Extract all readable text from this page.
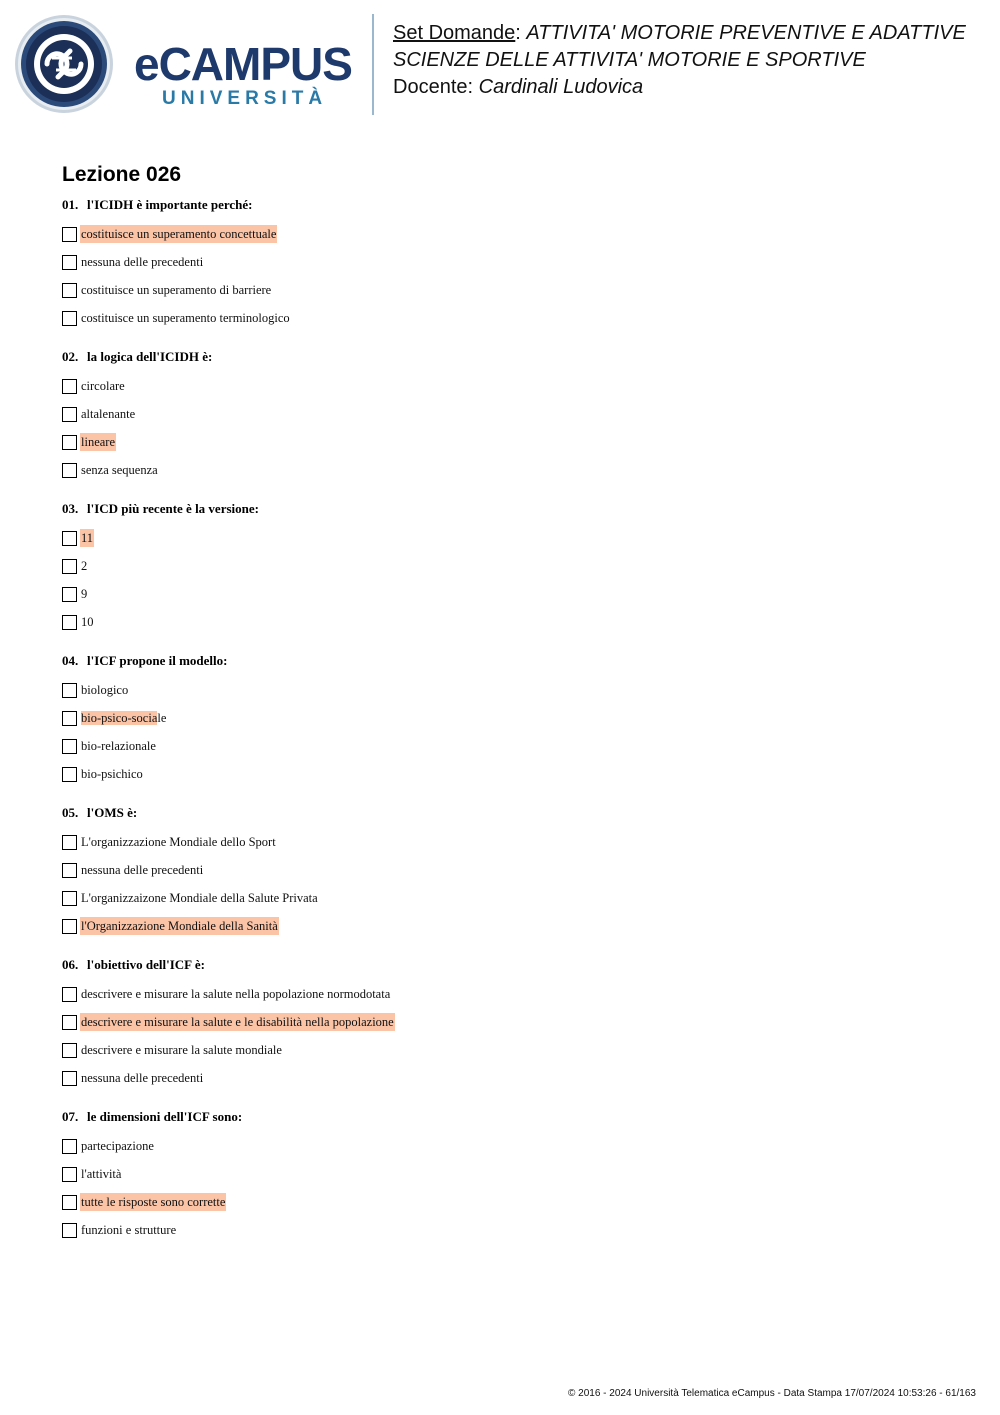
eCAMPUS
UNIVERSITÀ
Set Domande: ATTIVITA' MOTORIE PREVENTIVE E ADATTIVE
SCIENZE DELLE ATTIVITA' MOTORIE E SPORTIVE
Docente: Cardinali Ludovica
Lezione 026
01. l'ICIDH è importante perché:
costituisce un superamento concettuale
nessuna delle precedenti
costituisce un superamento di barriere
costituisce un superamento terminologico
02. la logica dell'ICIDH è:
circolare
altalenante
lineare
senza sequenza
03. l'ICD più recente è la versione:
11
2
9
10
04. l'ICF propone il modello:
biologico
bio-psico-sociale
bio-relazionale
bio-psichico
05. l'OMS è:
L'organizzazione Mondiale dello Sport
nessuna delle precedenti
L'organizzaizone Mondiale della Salute Privata
l'Organizzazione Mondiale della Sanità
06. l'obiettivo dell'ICF è:
descrivere e misurare la salute nella popolazione normodotata
descrivere e misurare la salute e le disabilità nella popolazione
descrivere e misurare la salute mondiale
nessuna delle precedenti
07. le dimensioni dell'ICF sono:
partecipazione
l'attività
tutte le risposte sono corrette
funzioni e strutture
© 2016 - 2024 Università Telematica eCampus - Data Stampa 17/07/2024 10:53:26 - 61/163
